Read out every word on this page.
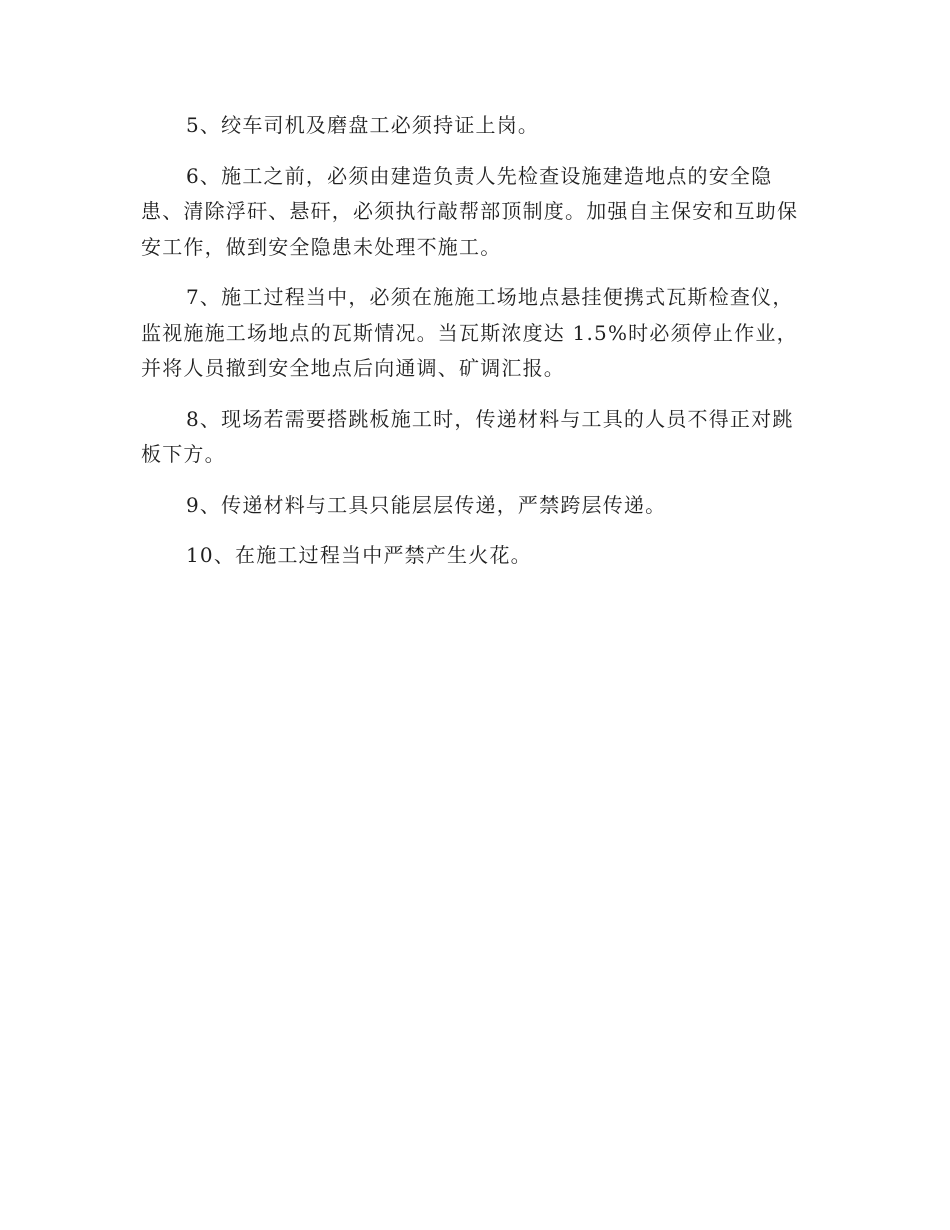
5、绞车司机及磨盘工必须持证上岗。

6、施工之前，必须由建造负责人先检查设施建造地点的安全隐患、清除浮矸、悬矸，必须执行敲帮部顶制度。加强自主保安和互助保安工作，做到安全隐患未处理不施工。

7、施工过程当中，必须在施施工场地点悬挂便携式瓦斯检查仪，监视施施工场地点的瓦斯情况。当瓦斯浓度达 1.5%时必须停止作业，并将人员撤到安全地点后向通调、矿调汇报。

8、现场若需要搭跳板施工时，传递材料与工具的人员不得正对跳板下方。

9、传递材料与工具只能层层传递，严禁跨层传递。

10、在施工过程当中严禁产生火花。
